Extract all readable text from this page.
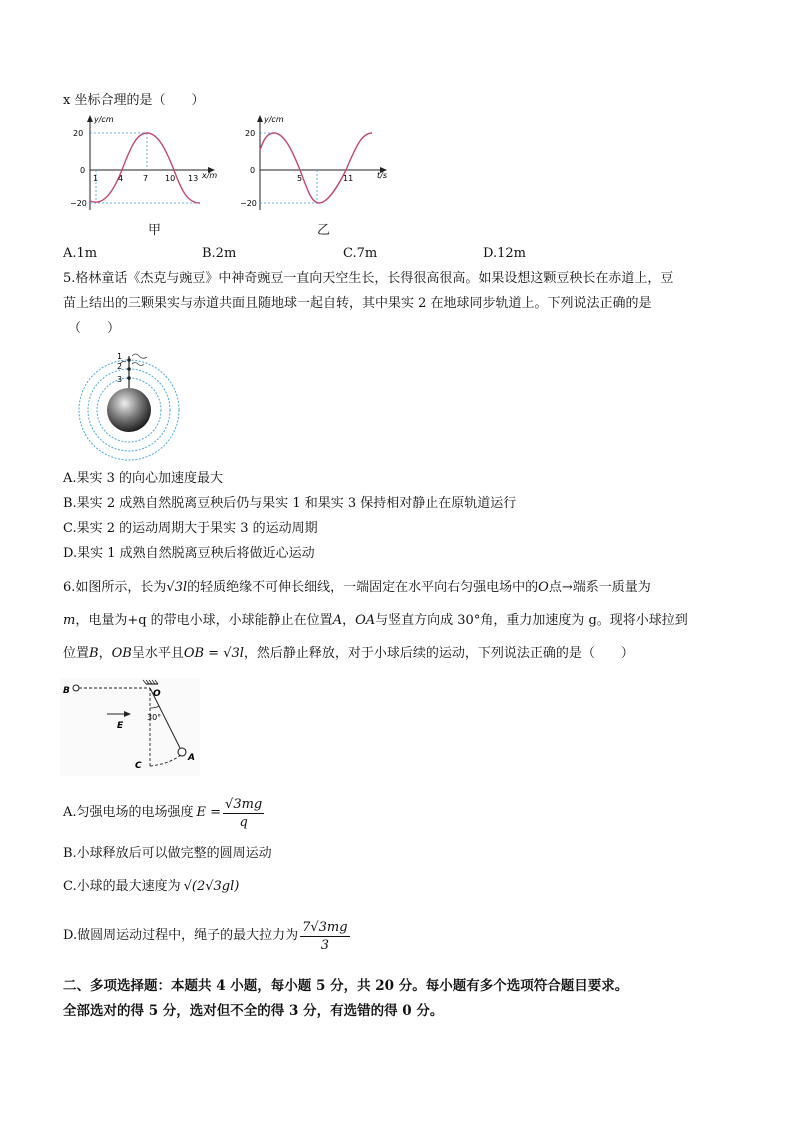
x 坐标合理的是（　　）
y/cm
x/m
20
0
−20
1 4 7 10 13
甲
y/cm
t/s
20
0
−20
5	11
乙
A.1m	B.2m	C.7m	D.12m
5.格林童话《杰克与豌豆》中神奇豌豆一直向天空生长，长得很高很高。如果设想这颗豆秧长在赤道上，豆
苗上结出的三颗果实与赤道共面且随地球一起自转，其中果实 2 在地球同步轨道上。下列说法正确的是
（　　）
1
2
3
A.果实 3 的向心加速度最大
B.果实 2 成熟自然脱离豆秧后仍与果实 1 和果实 3 保持相对静止在原轨道运行
C.果实 2 的运动周期大于果实 3 的运动周期
D.果实 1 成熟自然脱离豆秧后将做近心运动
6.如图所示，长为√3l的轻质绝缘不可伸长细线，一端固定在水平向右匀强电场中的O点→端系一质量为
m，电量为+q 的带电小球，小球能静止在位置A，OA与竖直方向成 30°角，重力加速度为 g。现将小球拉到
位置B，OB呈水平且OB = √3l，然后静止释放，对于小球后续的运动，下列说法正确的是（　　）
B	O
A
30°
C
E
A.匀强电场的电场强度 $E = \frac{√3mg}{q}$
B.小球释放后可以做完整的圆周运动
C.小球的最大速度为 √(2√3gl)
D.做圆周运动过程中，绳子的最大拉力为 $\frac{7√3mg}{3}$
二、多项选择题：本题共 4 小题，每小题 5 分，共 20 分。每小题有多个选项符合题目要求。
全部选对的得 5 分，选对但不全的得 3 分，有选错的得 0 分。
